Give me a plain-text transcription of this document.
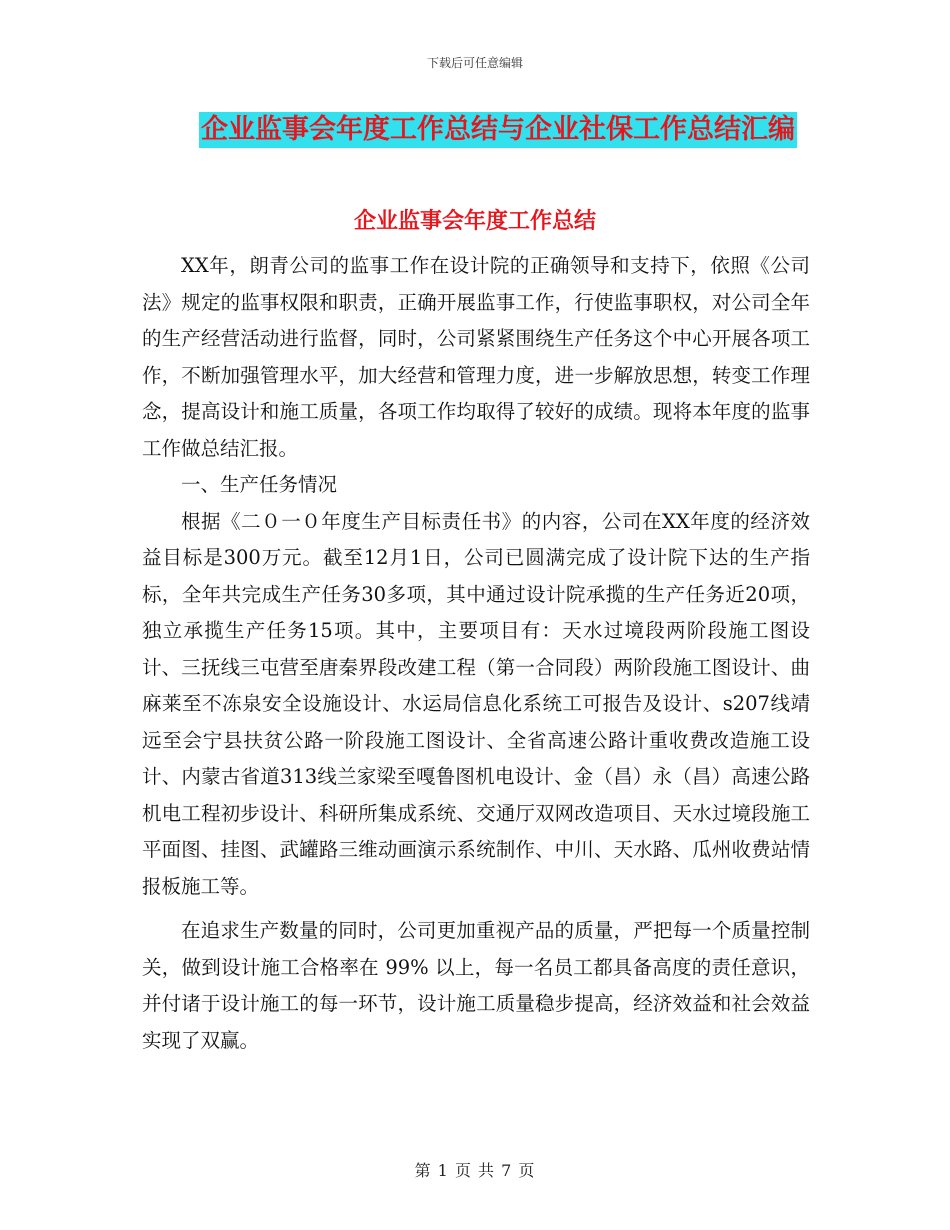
下载后可任意编辑
企业监事会年度工作总结与企业社保工作总结汇编
企业监事会年度工作总结

XX年，朗青公司的监事工作在设计院的正确领导和支持下，依照《公司法》规定的监事权限和职责，正确开展监事工作，行使监事职权，对公司全年的生产经营活动进行监督，同时，公司紧紧围绕生产任务这个中心开展各项工作，不断加强管理水平，加大经营和管理力度，进一步解放思想，转变工作理念，提高设计和施工质量，各项工作均取得了较好的成绩。现将本年度的监事工作做总结汇报。

一、生产任务情况

根据《二０一０年度生产目标责任书》的内容，公司在XX年度的经济效益目标是300万元。截至12月1日，公司已圆满完成了设计院下达的生产指标，全年共完成生产任务30多项，其中通过设计院承揽的生产任务近20项，独立承揽生产任务15项。其中，主要项目有：天水过境段两阶段施工图设计、三抚线三屯营至唐秦界段改建工程（第一合同段）两阶段施工图设计、曲麻莱至不冻泉安全设施设计、水运局信息化系统工可报告及设计、s207线靖远至会宁县扶贫公路一阶段施工图设计、全省高速公路计重收费改造施工设计、内蒙古省道313线兰家梁至嘎鲁图机电设计、金（昌）永（昌）高速公路机电工程初步设计、科研所集成系统、交通厅双网改造项目、天水过境段施工平面图、挂图、武罐路三维动画演示系统制作、中川、天水路、瓜州收费站情报板施工等。

在追求生产数量的同时，公司更加重视产品的质量，严把每一个质量控制关，做到设计施工合格率在 99% 以上，每一名员工都具备高度的责任意识，并付诸于设计施工的每一环节，设计施工质量稳步提高，经济效益和社会效益实现了双赢。

第 1 页 共 7 页
